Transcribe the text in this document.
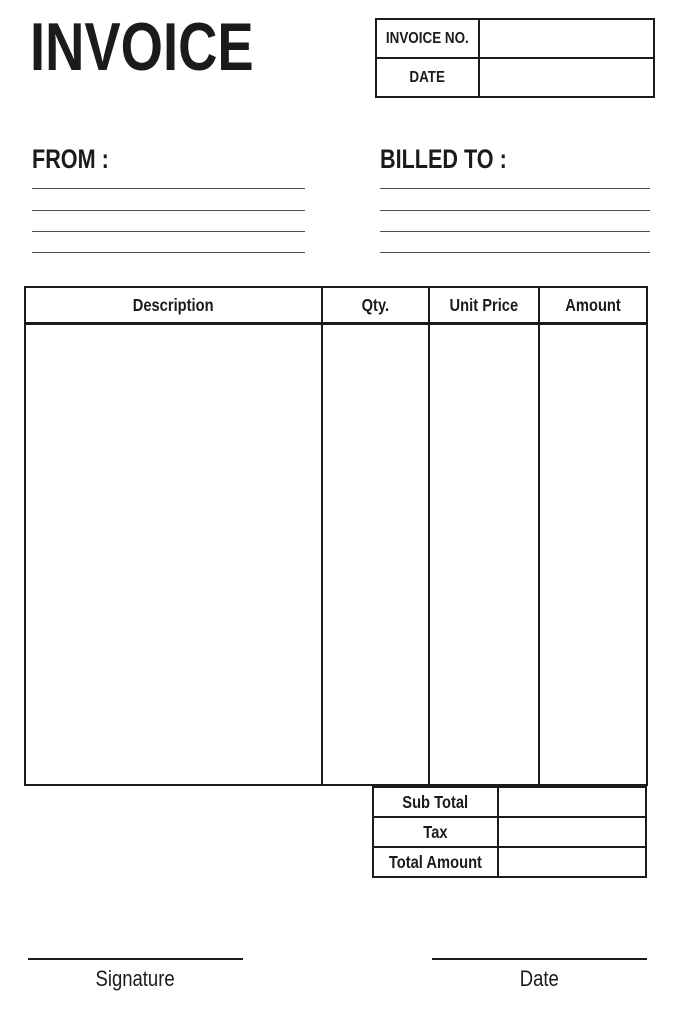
INVOICE	INVOICE NO.
DATE
FROM :	BILLED TO :
Description	Qty.	Unit Price	Amount
Sub Total
Tax
Total Amount
Signature	Date
